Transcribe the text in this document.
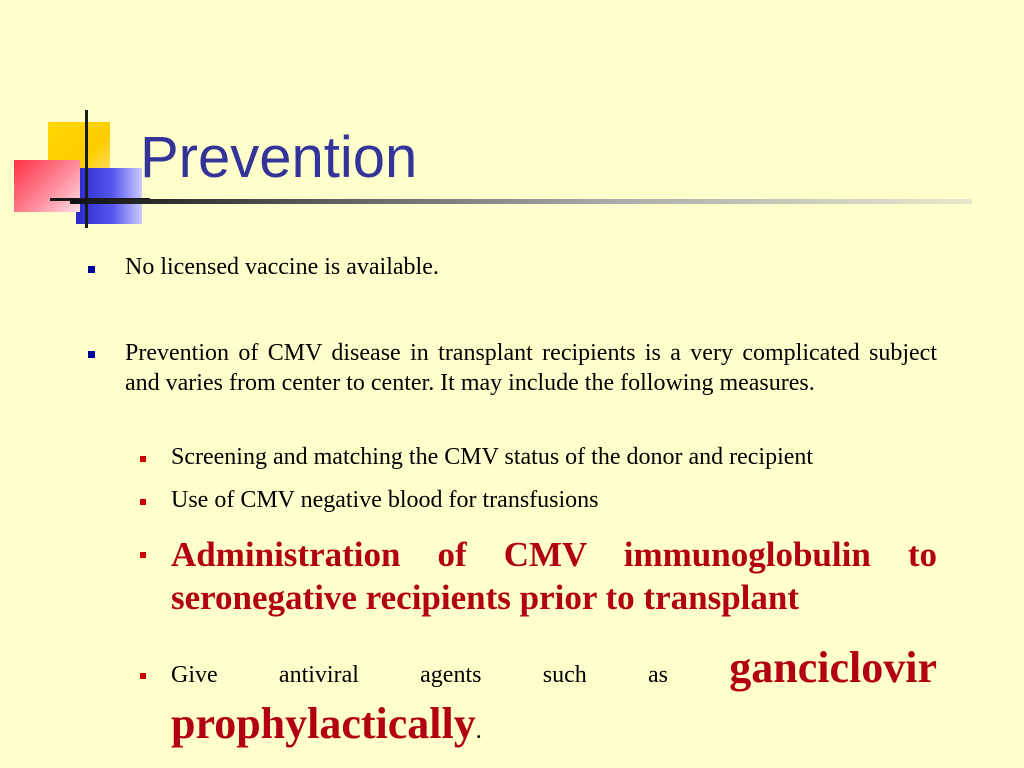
Prevention

No licensed vaccine is available.

Prevention of CMV disease in transplant recipients is a very complicated subject and varies from center to center. It may include the following measures.

Screening and matching the CMV status of the donor and recipient

Use of CMV negative blood for transfusions

Administration of CMV immunoglobulin to seronegative recipients prior to transplant

Give	antiviral	agents	such	as ganciclovir
prophylactically.
